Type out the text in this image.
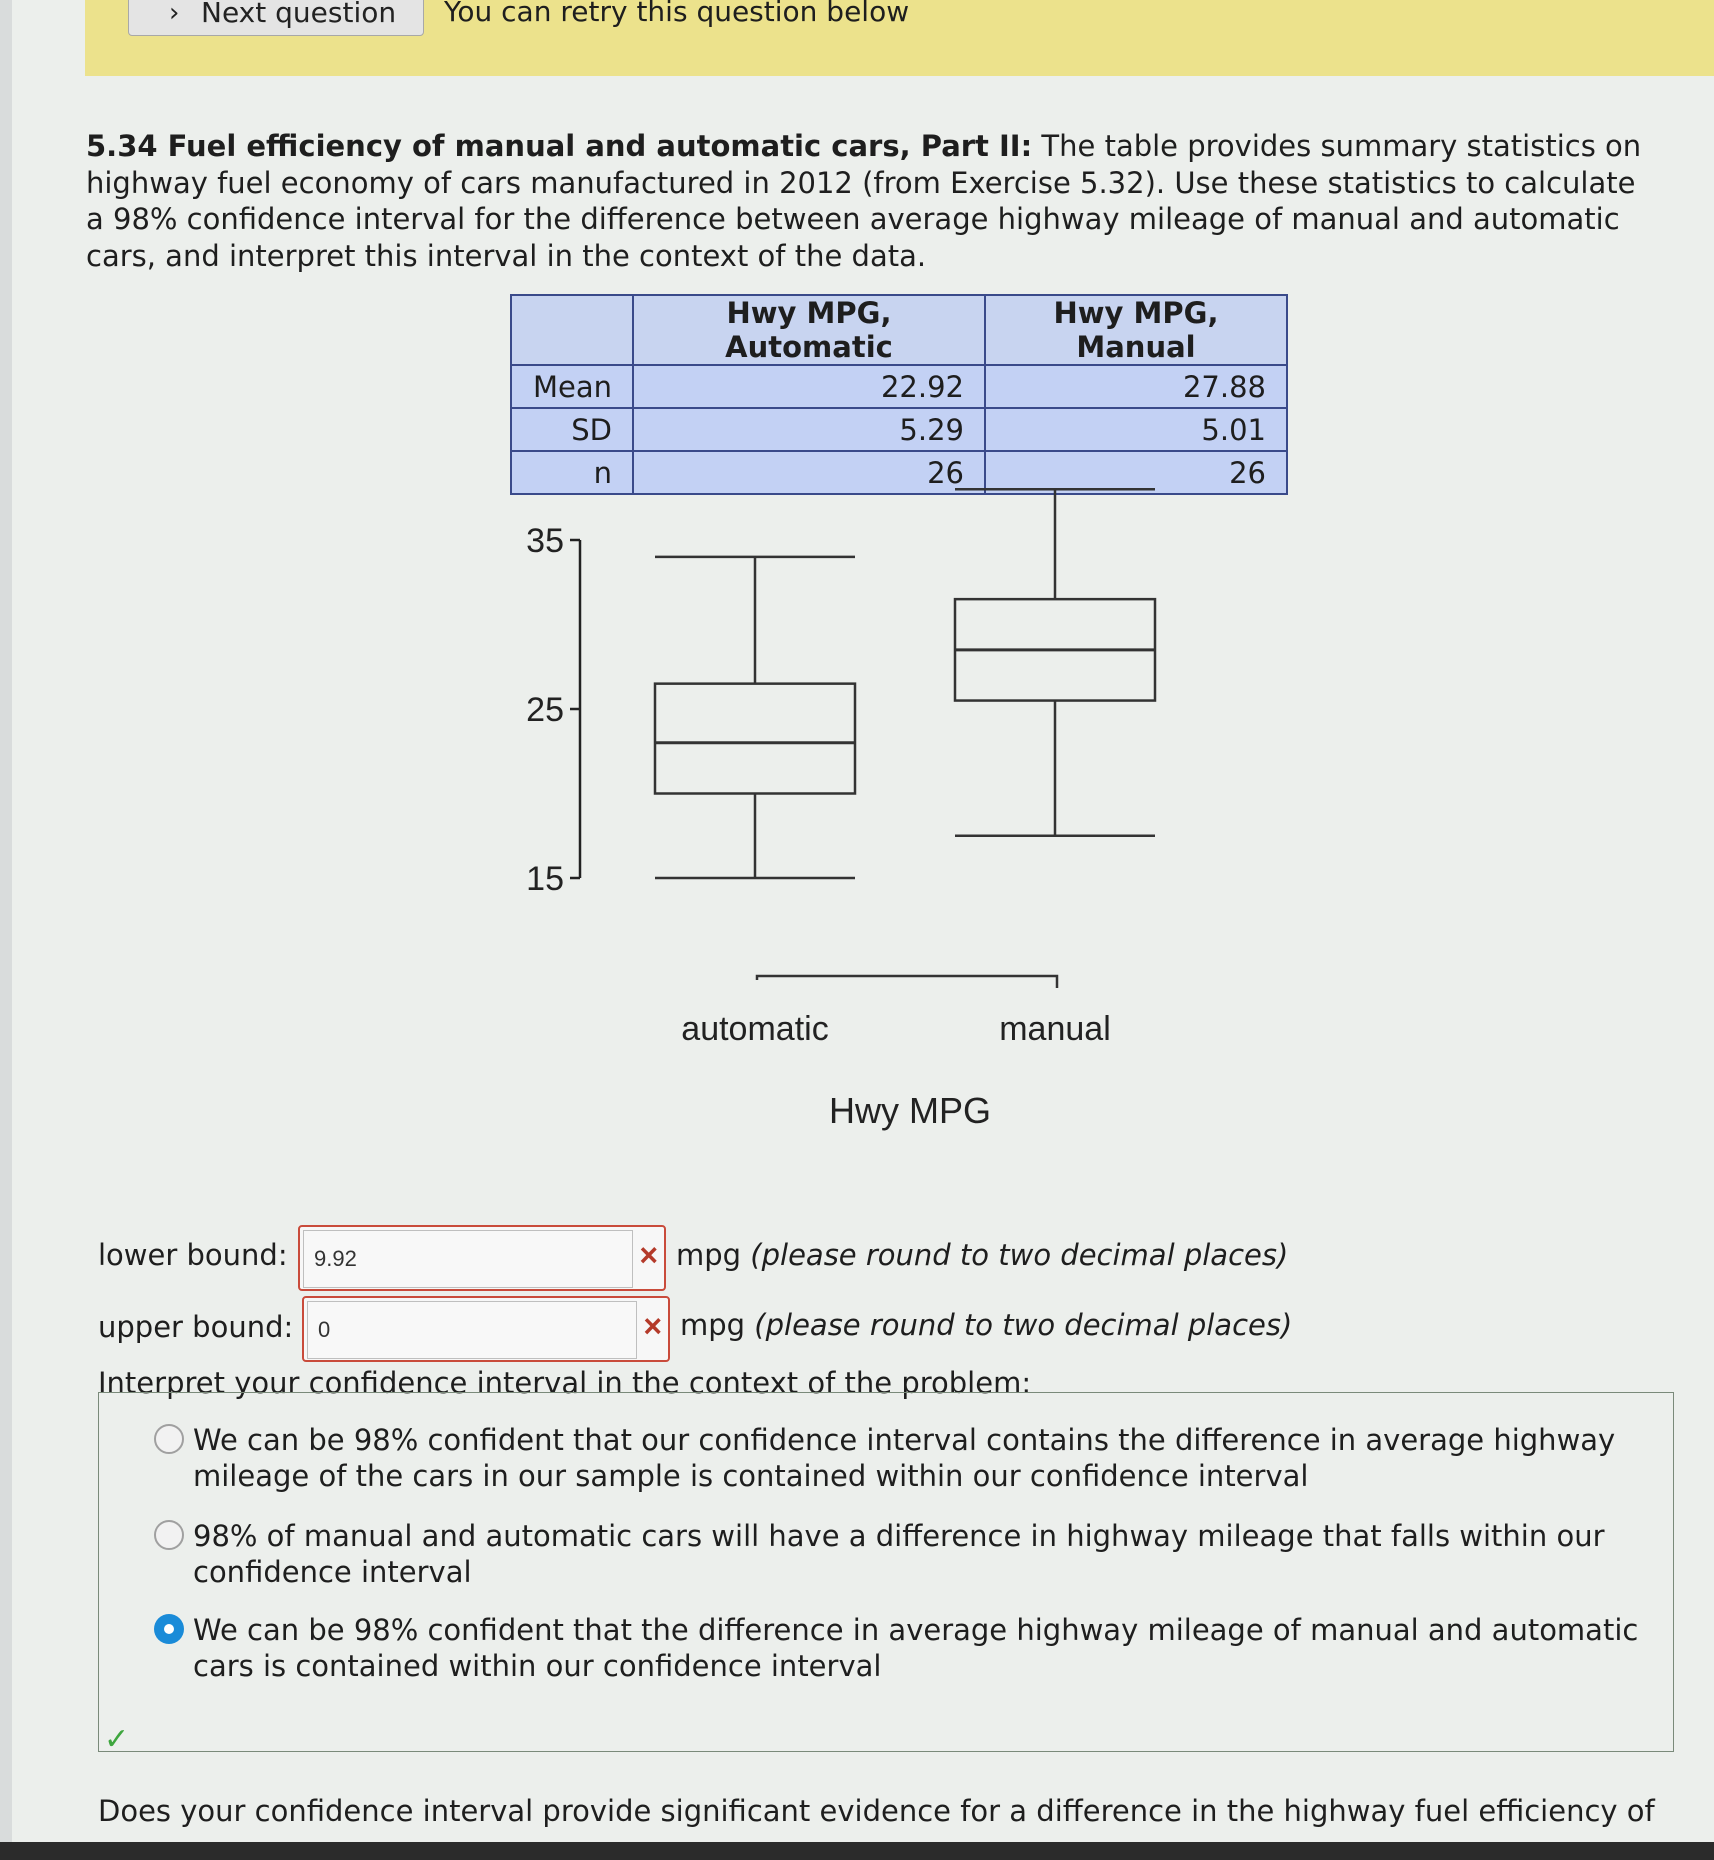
› Next question You can retry this question below
5.34 Fuel efficiency of manual and automatic cars, Part II: The table provides summary statistics on highway fuel economy of cars manufactured in 2012 (from Exercise 5.32). Use these statistics to calculate a 98% confidence interval for the difference between average highway mileage of manual and automatic cars, and interpret this interval in the context of the data.
	Hwy MPG, Automatic	Hwy MPG, Manual
Mean	22.92	27.88
SD	5.29	5.01
n	26	26
35
25
15
automatic	manual
Hwy MPG
lower bound:
9.92	× mpg (please round to two decimal places)
upper bound:
0	× mpg (please round to two decimal places)
Interpret your confidence interval in the context of the problem:
We can be 98% confident that our confidence interval contains the difference in average highway mileage of the cars in our sample is contained within our confidence interval
98% of manual and automatic cars will have a difference in highway mileage that falls within our confidence interval
We can be 98% confident that the difference in average highway mileage of manual and automatic cars is contained within our confidence interval
✓
Does your confidence interval provide significant evidence for a difference in the highway fuel efficiency of
